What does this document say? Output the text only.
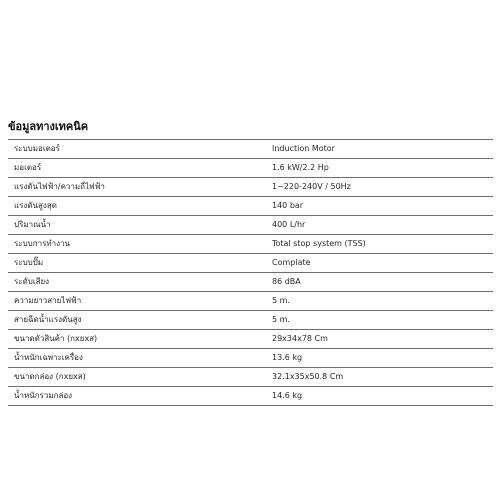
ข้อมูลทางเทคนิค
ระบบมอเตอร์	Induction Motor
มอเตอร์	1.6 kW/2.2 Hp
แรงดันไฟฟ้า/ความถี่ไฟฟ้า	1~220-240V / 50Hz
แรงดันสูงสุด	140 bar
ปริมาณน้ำ	400 L/hr
ระบบการทำงาน	Total stop system (TSS)
ระบบปั๊ม	Complate
ระดับเสียง	86 dBA
ความยาวสายไฟฟ้า	5 m.
สายฉีดน้ำแรงดันสูง	5 m.
ขนาดตัวสินค้า (กxยxส)	29x34x78 Cm
น้ำหนักเฉพาะเครื่อง	13.6 kg
ขนาดกล่อง (กxยxส)	32.1x35x50.8 Cm
น้ำหนักรวมกล่อง	14.6 kg
